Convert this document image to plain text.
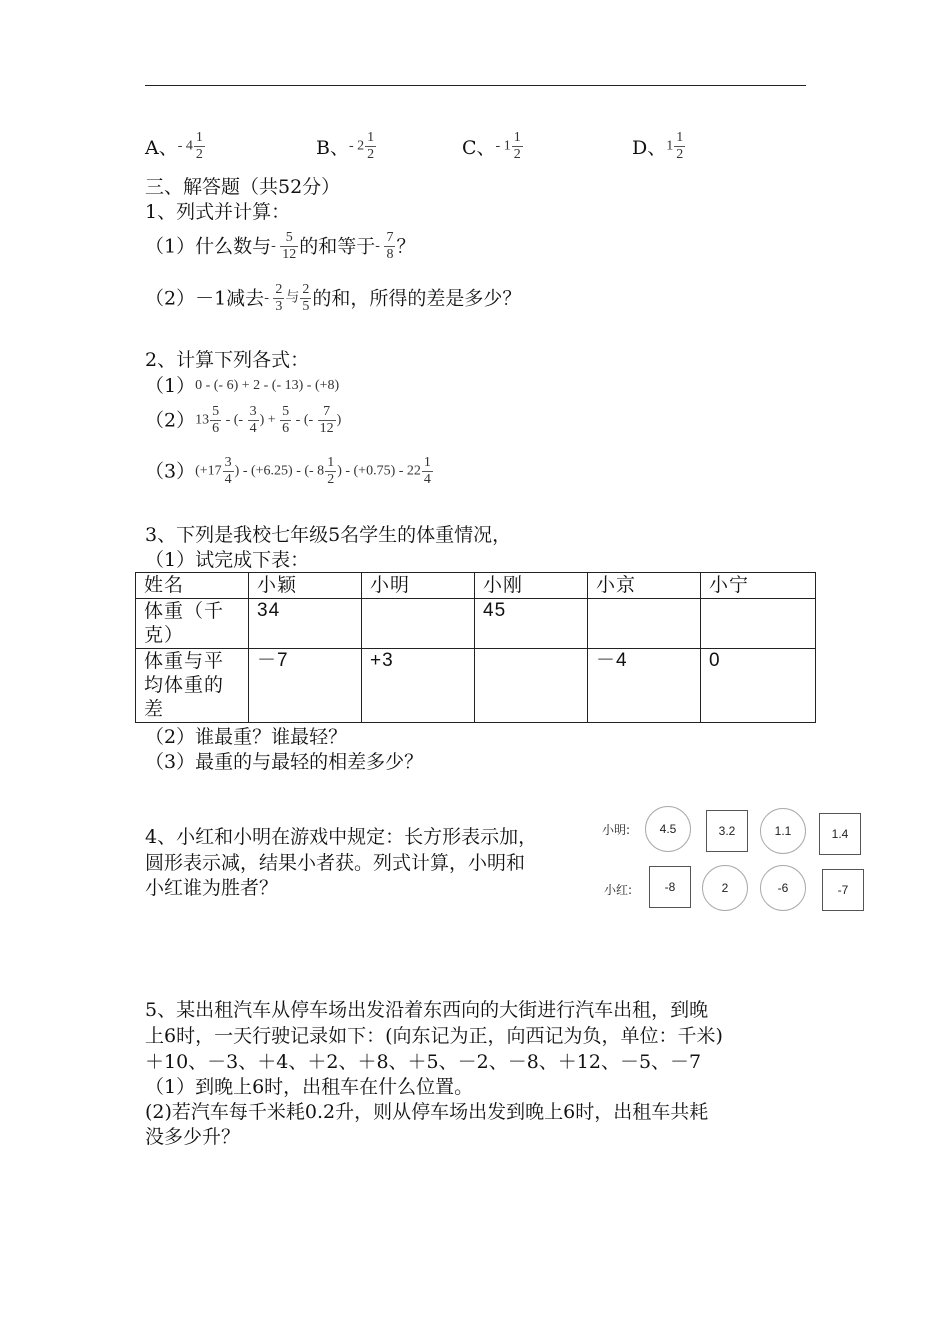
A、- $4 \frac{1}{2}$	B、- $2 \frac{1}{2}$	C、- $1 \frac{1}{2}$	D、$1 \frac{1}{2}$
三、解答题（共52分）
1、列式并计算：
（1）什么数与- $\frac{5}{12}$ 的和等于- $\frac{7}{8}$ ？
（2）－1减去- $\frac{2}{3}$ 与 $\frac{2}{5}$ 的和，所得的差是多少？
2、计算下列各式：
（1）0 - (- 6) + 2 - (- 13) - (+8)
$(2)13 \frac{5}{6}$ - (- $\frac{3}{4}$ ) + $\frac{5}{6}$ - (- $\frac{7}{12}$ )
$(3)(+17 \frac{3}{4}$ ) - (+6.25) - (- $8 \frac{1}{2}$ ) - $(+0.75) - 22 \frac{1}{4}$
3、下列是我校七年级5名学生的体重情况，
（1）试完成下表：
姓名	小颖	小明	小刚	小京	小宁
体重（千克）	34		45		
体重与平均体重的差	－7	+3		－4	0
（2）谁最重？谁最轻？
（3）最重的与最轻的相差多少？
4、小红和小明在游戏中规定：长方形表示加，
圆形表示减，结果小者获。列式计算，小明和
小红谁为胜者？
小明:	4.5	3.2	1.1	1.4
小红:	-8	2	-6	-7
5、某出租汽车从停车场出发沿着东西向的大街进行汽车出租，到晚
上6时，一天行驶记录如下：(向东记为正，向西记为负，单位：千米)
＋10、－3、＋4、＋2、＋8、＋5、－2、－8、＋12、－5、－7
（1）到晚上6时，出租车在什么位置。
(2)若汽车每千米耗0.2升，则从停车场出发到晚上6时，出租车共耗
没多少升？
